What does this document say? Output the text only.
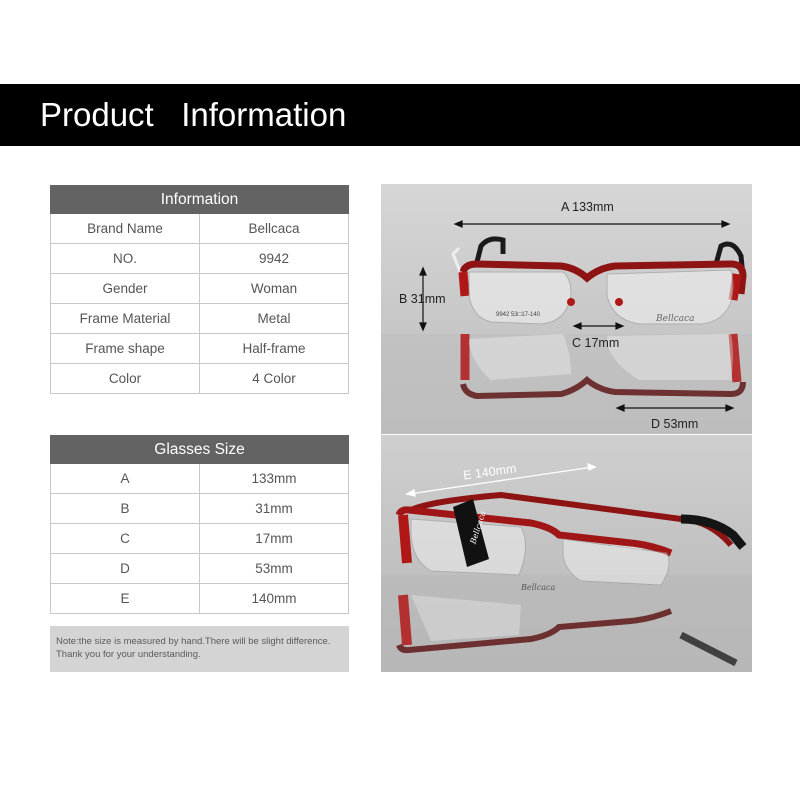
Product   Information
Information	
Brand Name	Bellcaca
NO.	9942
Gender	Woman
Frame Material	Metal
Frame shape	Half-frame
Color	4 Color
Glasses Size	
A	133mm
B	31mm
C	17mm
D	53mm
E	140mm
Note:the size is measured by hand.There will be slight difference.
Thank you for your understanding.
A 133mm
B 31mm
C 17mm
D 53mm
9942 53□17-140	Bellcaca
E 140mm
Bellcaca
Bellcaca
